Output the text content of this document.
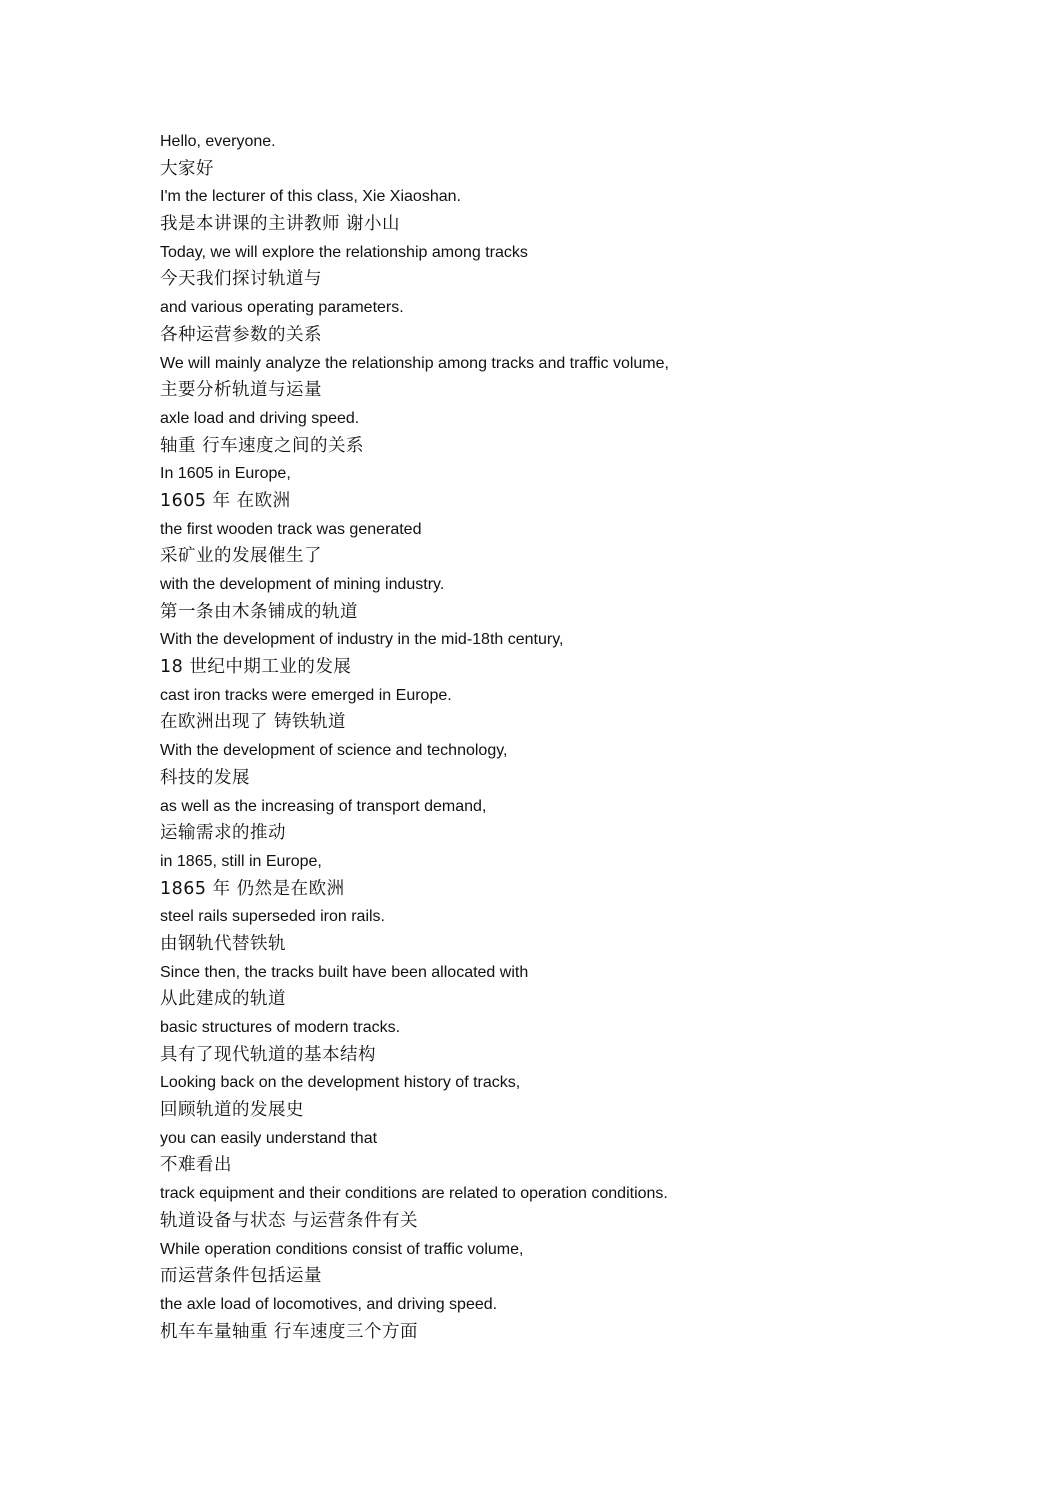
Hello, everyone.
大家好
I'm the lecturer of this class, Xie Xiaoshan.
我是本讲课的主讲教师 谢小山
Today, we will explore the relationship among tracks
今天我们探讨轨道与
and various operating parameters.
各种运营参数的关系
We will mainly analyze the relationship among tracks and traffic volume,
主要分析轨道与运量
axle load and driving speed.
轴重 行车速度之间的关系
In 1605 in Europe,
1605 年 在欧洲
the first wooden track was generated
采矿业的发展催生了
with the development of mining industry.
第一条由木条铺成的轨道
With the development of industry in the mid-18th century,
18 世纪中期工业的发展
cast iron tracks were emerged in Europe.
在欧洲出现了 铸铁轨道
With the development of science and technology,
科技的发展
as well as the increasing of transport demand,
运输需求的推动
in 1865, still in Europe,
1865 年 仍然是在欧洲
steel rails superseded iron rails.
由钢轨代替铁轨
Since then, the tracks built have been allocated with
从此建成的轨道
basic structures of modern tracks.
具有了现代轨道的基本结构
Looking back on the development history of tracks,
回顾轨道的发展史
you can easily understand that
不难看出
track equipment and their conditions are related to operation conditions.
轨道设备与状态 与运营条件有关
While operation conditions consist of traffic volume,
而运营条件包括运量
the axle load of locomotives, and driving speed.
机车车量轴重 行车速度三个方面
